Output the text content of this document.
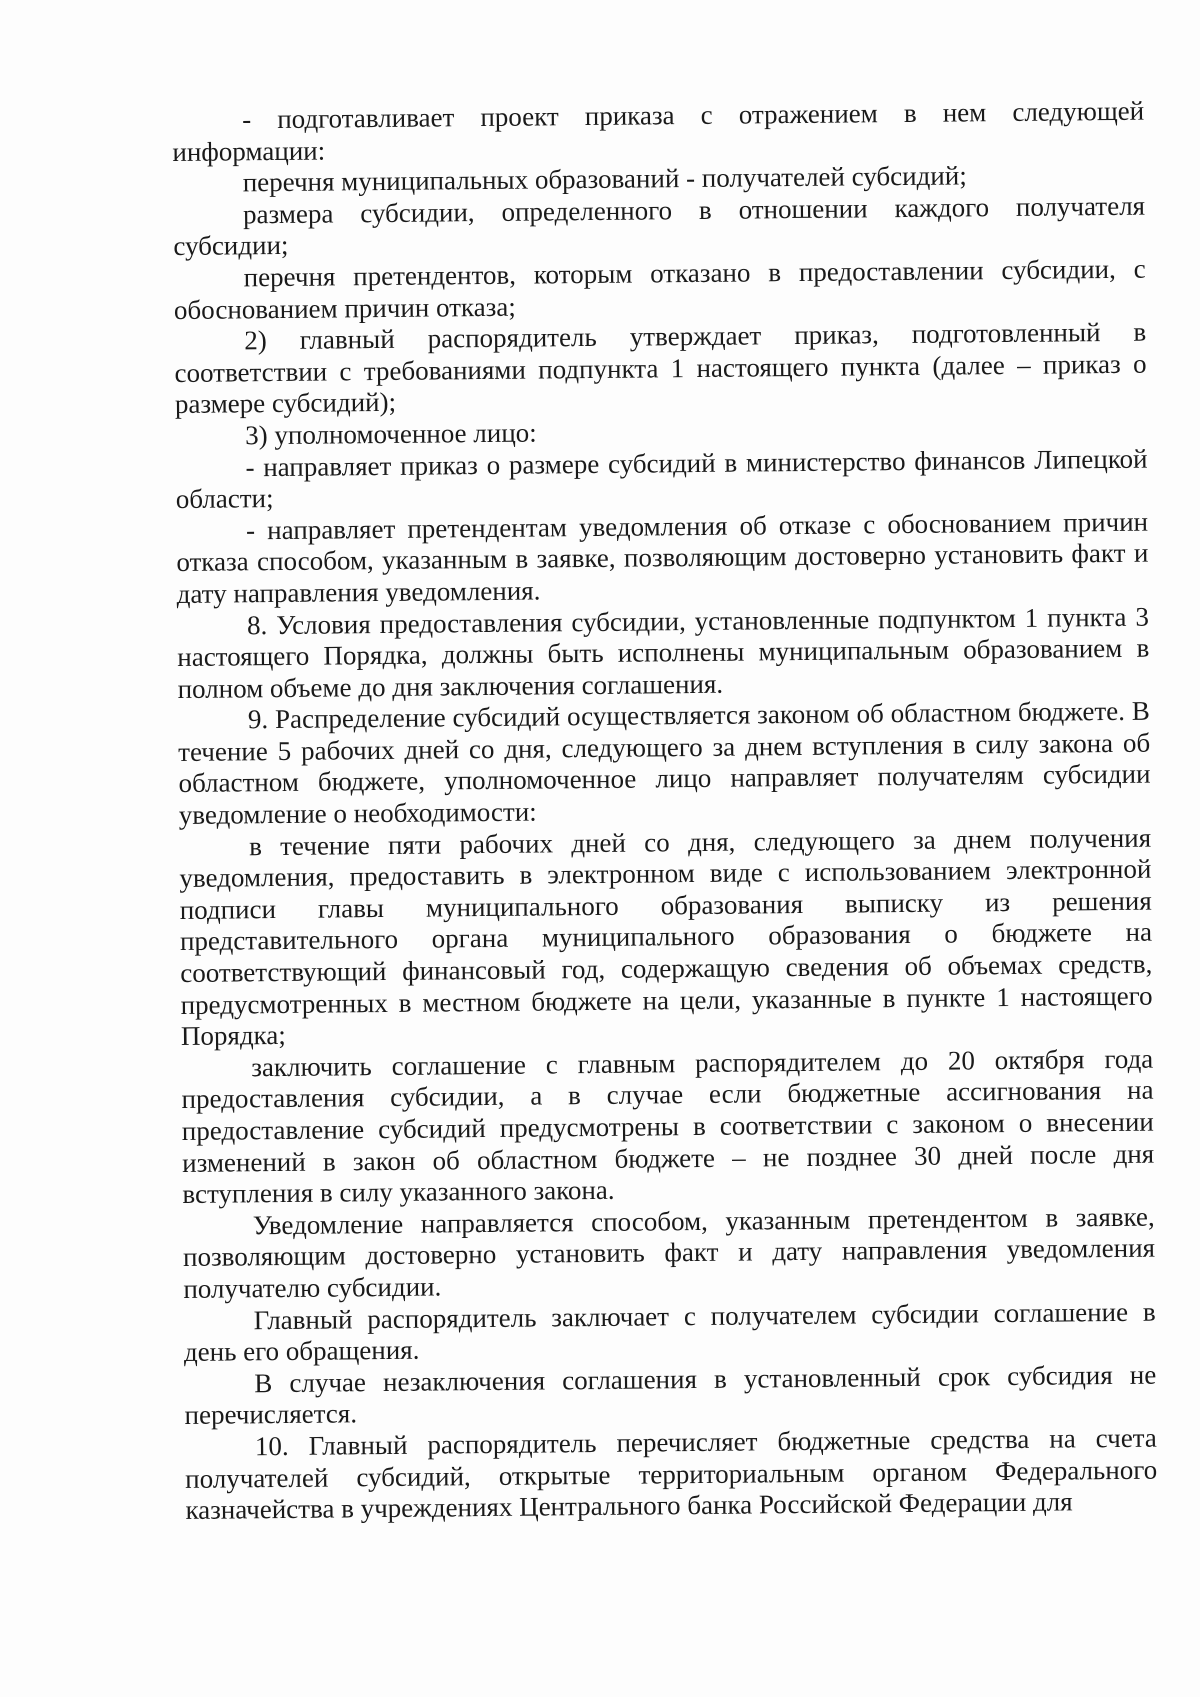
- подготавливает проект приказа с отражением в нем следующей информации:

перечня муниципальных образований - получателей субсидий;

размера субсидии, определенного в отношении каждого получателя субсидии;

перечня претендентов, которым отказано в предоставлении субсидии, с обоснованием причин отказа;

2) главный распорядитель утверждает приказ, подготовленный в соответствии с требованиями подпункта 1 настоящего пункта (далее – приказ о размере субсидий);

3) уполномоченное лицо:

- направляет приказ о размере субсидий в министерство финансов Липецкой области;

- направляет претендентам уведомления об отказе с обоснованием причин отказа способом, указанным в заявке, позволяющим достоверно установить факт и дату направления уведомления.

8. Условия предоставления субсидии, установленные подпунктом 1 пункта 3 настоящего Порядка, должны быть исполнены муниципальным образованием в полном объеме до дня заключения соглашения.

9. Распределение субсидий осуществляется законом об областном бюджете. В течение 5 рабочих дней со дня, следующего за днем вступления в силу закона об областном бюджете, уполномоченное лицо направляет получателям субсидии уведомление о необходимости:

в течение пяти рабочих дней со дня, следующего за днем получения уведомления, предоставить в электронном виде с использованием электронной подписи главы муниципального образования выписку из решения представительного органа муниципального образования о бюджете на соответствующий финансовый год, содержащую сведения об объемах средств, предусмотренных в местном бюджете на цели, указанные в пункте 1 настоящего Порядка;

заключить соглашение с главным распорядителем до 20 октября года предоставления субсидии, а в случае если бюджетные ассигнования на предоставление субсидий предусмотрены в соответствии с законом о внесении изменений в закон об областном бюджете – не позднее 30 дней после дня вступления в силу указанного закона.

Уведомление направляется способом, указанным претендентом в заявке, позволяющим достоверно установить факт и дату направления уведомления получателю субсидии.

Главный распорядитель заключает с получателем субсидии соглашение в день его обращения.

В случае незаключения соглашения в установленный срок субсидия не перечисляется.

10. Главный распорядитель перечисляет бюджетные средства на счета получателей субсидий, открытые территориальным органом Федерального казначейства в учреждениях Центрального банка Российской Федерации для
